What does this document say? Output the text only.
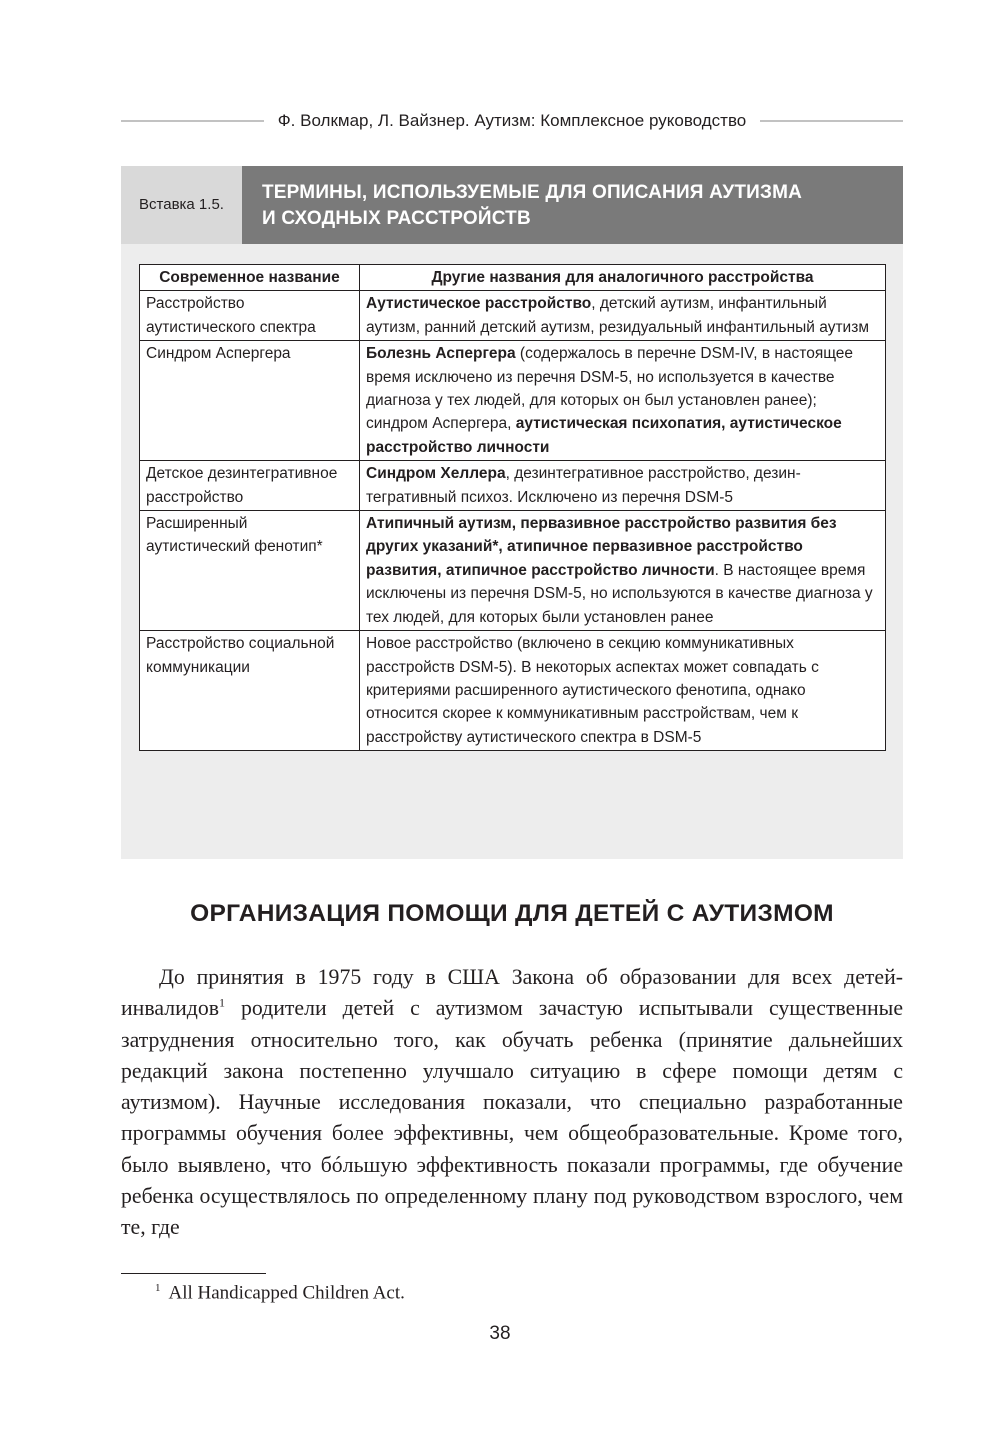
Ф. Волкмар, Л. Вайзнер. Аутизм: Комплексное руководство
Вставка 1.5.
ТЕРМИНЫ, ИСПОЛЬЗУЕМЫЕ ДЛЯ ОПИСАНИЯ АУТИЗМА
И СХОДНЫХ РАССТРОЙСТВ
Современное название	Другие названия для аналогичного расстройства
Расстройство аутистического спектра	Аутистическое расстройство, детский аутизм, инфантильный аутизм, ранний детский аутизм, резидуальный инфантильный аутизм
Синдром Аспергера	Болезнь Аспергера (содержалось в перечне DSM-IV, в настоящее время исключено из перечня DSM-5, но используется в качестве диагноза у тех людей, для которых он был установлен ранее); синдром Аспергера, аутистическая психопатия, аутистическое расстройство личности
Детское дезинтегративное расстройство	Синдром Хеллера, дезинтегративное расстройство, дезинтегративный психоз. Исключено из перечня DSM-5
Расширенный аутистический фенотип*	Атипичный аутизм, первазивное расстройство развития без других указаний*, атипичное первазивное расстройство развития, атипичное расстройство личности. В настоящее время исключены из перечня DSM-5, но используются в качестве диагноза у тех людей, для которых были установлен ранее
Расстройство социальной коммуникации	Новое расстройство (включено в секцию коммуникативных расстройств DSM-5). В некоторых аспектах может совпадать с критериями расширенного аутистического фенотипа, однако относится скорее к коммуникативным расстройствам, чем к расстройству аутистического спектра в DSM-5
ОРГАНИЗАЦИЯ ПОМОЩИ ДЛЯ ДЕТЕЙ С АУТИЗМОМ

До принятия в 1975 году в США Закона об образовании для всех детей-инвалидов$^1$ родители детей с аутизмом зачастую испытывали существенные затруднения относительно того, как обучать ребенка (принятие дальнейших редакций закона постепенно улучшало ситуацию в сфере помощи детям с аутизмом). Научные исследования показали, что специально разработанные программы обучения более эффективны, чем общеобразовательные. Кроме того, было выявлено, что бóльшую эффективность показали программы, где обучение ребенка осуществлялось по определенному плану под руководством взрослого, чем те, где

$^1$ All Handicapped Children Act.

38
